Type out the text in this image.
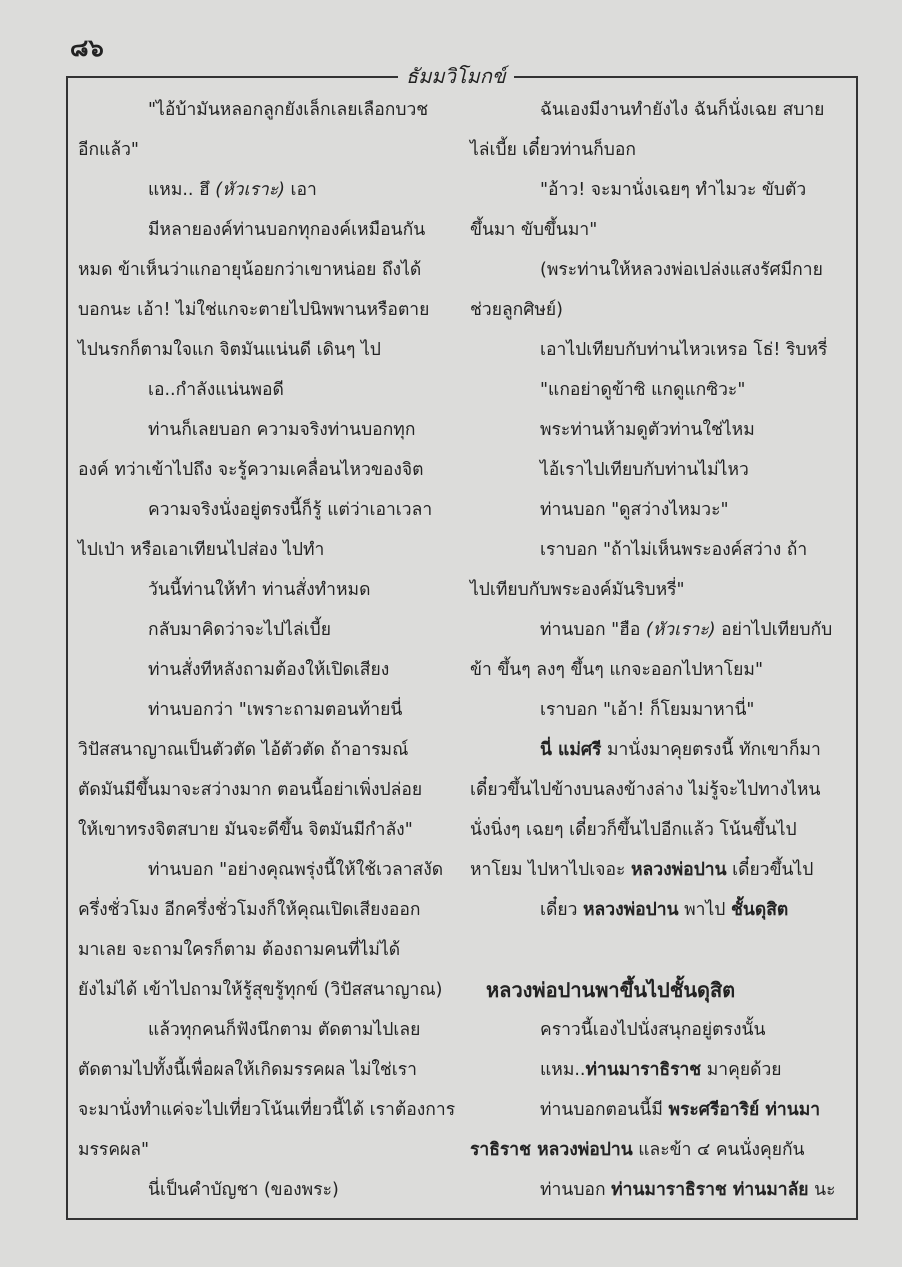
๘๖
ธัมมวิโมกข์
"ไอ้บ้ามันหลอกลูกยังเล็กเลยเลือกบวช
อีกแล้ว"
แหม.. ฮึ (หัวเราะ) เอา
มีหลายองค์ท่านบอกทุกองค์เหมือนกัน
หมด ข้าเห็นว่าแกอายุน้อยกว่าเขาหน่อย ถึงได้
บอกนะ เอ้า! ไม่ใช่แกจะตายไปนิพพานหรือตาย
ไปนรกก็ตามใจแก จิตมันแน่นดี เดินๆ ไป
เอ..กำลังแน่นพอดี
ท่านก็เลยบอก ความจริงท่านบอกทุก
องค์ ทว่าเข้าไปถึง จะรู้ความเคลื่อนไหวของจิต
ความจริงนั่งอยู่ตรงนี้ก็รู้ แต่ว่าเอาเวลา
ไปเป่า หรือเอาเทียนไปส่อง ไปทำ
วันนี้ท่านให้ทำ ท่านสั่งทำหมด
กลับมาคิดว่าจะไปไล่เบี้ย
ท่านสั่งทีหลังถามต้องให้เปิดเสียง
ท่านบอกว่า "เพราะถามตอนท้ายนี่
วิปัสสนาญาณเป็นตัวตัด ไอ้ตัวตัด ถ้าอารมณ์
ตัดมันมีขึ้นมาจะสว่างมาก ตอนนี้อย่าเพิ่งปล่อย
ให้เขาทรงจิตสบาย มันจะดีขึ้น จิตมันมีกำลัง"
ท่านบอก "อย่างคุณพรุ่งนี้ให้ใช้เวลาสงัด
ครึ่งชั่วโมง อีกครึ่งชั่วโมงก็ให้คุณเปิดเสียงออก
มาเลย จะถามใครก็ตาม ต้องถามคนที่ไม่ได้
ยังไม่ได้ เข้าไปถามให้รู้สุขรู้ทุกข์ (วิปัสสนาญาณ)
แล้วทุกคนก็ฟังนึกตาม ตัดตามไปเลย
ตัดตามไปทั้งนี้เพื่อผลให้เกิดมรรคผล ไม่ใช่เรา
จะมานั่งทำแค่จะไปเที่ยวโน้นเที่ยวนี้ได้ เราต้องการ
มรรคผล"
นี่เป็นคำบัญชา (ของพระ)
ฉันเองมีงานทำยังไง ฉันก็นั่งเฉย สบาย
ไล่เบี้ย เดี๋ยวท่านก็บอก
"อ้าว! จะมานั่งเฉยๆ ทำไมวะ ขับตัว
ขึ้นมา ขับขึ้นมา"
(พระท่านให้หลวงพ่อเปล่งแสงรัศมีกาย
ช่วยลูกศิษย์)
เอาไปเทียบกับท่านไหวเหรอ โธ่! ริบหรี่
"แกอย่าดูข้าซิ แกดูแกซิวะ"
พระท่านห้ามดูตัวท่านใช่ไหม
ไอ้เราไปเทียบกับท่านไม่ไหว
ท่านบอก "ดูสว่างไหมวะ"
เราบอก "ถ้าไม่เห็นพระองค์สว่าง ถ้า
ไปเทียบกับพระองค์มันริบหรี่"
ท่านบอก "ฮือ (หัวเราะ) อย่าไปเทียบกับ
ข้า ขึ้นๆ ลงๆ ขึ้นๆ แกจะออกไปหาโยม"
เราบอก "เอ้า! ก็โยมมาหานี่"
นี่ แม่ศรี มานั่งมาคุยตรงนี้ ทักเขาก็มา
เดี๋ยวขึ้นไปข้างบนลงข้างล่าง ไม่รู้จะไปทางไหน
นั่งนิ่งๆ เฉยๆ เดี๋ยวก็ขึ้นไปอีกแล้ว โน้นขึ้นไป
หาโยม ไปหาไปเจอะ หลวงพ่อปาน เดี๋ยวขึ้นไป
เดี๋ยว หลวงพ่อปาน พาไป ชั้นดุสิต
หลวงพ่อปานพาขึ้นไปชั้นดุสิต
คราวนี้เองไปนั่งสนุกอยู่ตรงนั้น
แหม..ท่านมาราธิราช มาคุยด้วย
ท่านบอกตอนนี้มี พระศรีอาริย์ ท่านมา
ราธิราช หลวงพ่อปาน และข้า ๔ คนนั่งคุยกัน
ท่านบอก ท่านมาราธิราช ท่านมาลัย นะ
